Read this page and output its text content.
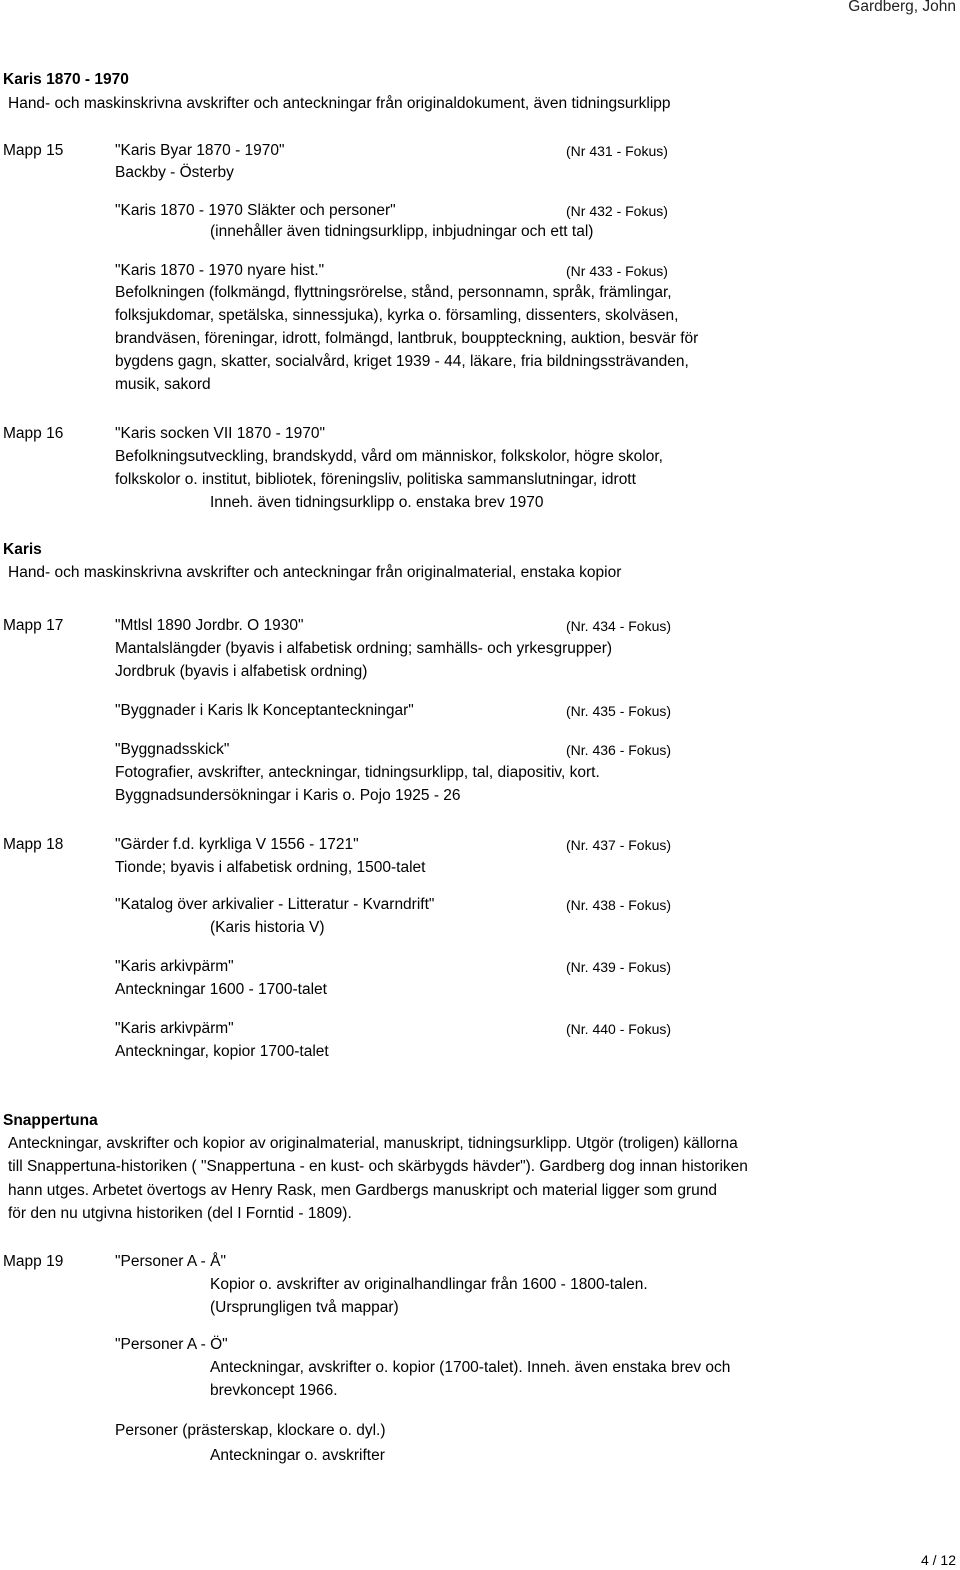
Gardberg, John
Karis 1870 - 1970
Hand- och maskinskrivna avskrifter och anteckningar från originaldokument, även tidningsurklipp
Mapp 15	"Karis Byar 1870 - 1970"	(Nr 431 - Fokus)
Backby - Österby
"Karis 1870 - 1970 Släkter och personer"	(Nr 432 - Fokus)
(innehåller även tidningsurklipp, inbjudningar och ett tal)
"Karis 1870 - 1970 nyare hist."	(Nr 433 - Fokus)
Befolkningen (folkmängd, flyttningsrörelse, stånd, personnamn, språk, främlingar,
folksjukdomar, spetälska, sinnessjuka), kyrka o. församling, dissenters, skolväsen,
brandväsen, föreningar, idrott, folmängd, lantbruk, bouppteckning, auktion, besvär för
bygdens gagn, skatter, socialvård, kriget 1939 - 44, läkare, fria bildningssträvanden,
musik, sakord
Mapp 16	"Karis socken VII 1870 - 1970"
Befolkningsutveckling, brandskydd, vård om människor, folkskolor, högre skolor,
folkskolor o. institut, bibliotek, föreningsliv, politiska sammanslutningar, idrott
Inneh. även tidningsurklipp o. enstaka brev 1970
Karis
Hand- och maskinskrivna avskrifter och anteckningar från originalmaterial, enstaka kopior
Mapp 17	"Mtlsl 1890 Jordbr. O 1930"	(Nr. 434 - Fokus)
Mantalslängder (byavis i alfabetisk ordning; samhälls- och yrkesgrupper)
Jordbruk (byavis i alfabetisk ordning)
"Byggnader i Karis lk Konceptanteckningar"	(Nr. 435 - Fokus)
"Byggnadsskick"	(Nr. 436 - Fokus)
Fotografier, avskrifter, anteckningar, tidningsurklipp, tal, diapositiv, kort.
Byggnadsundersökningar i Karis o. Pojo 1925 - 26
Mapp 18	"Gärder f.d. kyrkliga V 1556 - 1721"	(Nr. 437 - Fokus)
Tionde; byavis i alfabetisk ordning, 1500-talet
"Katalog över arkivalier - Litteratur - Kvarndrift"	(Nr. 438 - Fokus)
(Karis historia V)
"Karis arkivpärm"	(Nr. 439 - Fokus)
Anteckningar 1600 - 1700-talet
"Karis arkivpärm"	(Nr. 440 - Fokus)
Anteckningar, kopior 1700-talet
Snappertuna
Anteckningar, avskrifter och kopior av originalmaterial, manuskript, tidningsurklipp. Utgör (troligen) källorna
till Snappertuna-historiken ( "Snappertuna - en kust- och skärbygds hävder"). Gardberg dog innan historiken
hann utges. Arbetet övertogs av Henry Rask, men Gardbergs manuskript och material ligger som grund
för den nu utgivna historiken (del I Forntid - 1809).
Mapp 19	"Personer A - Å"
Kopior o. avskrifter av originalhandlingar från 1600 - 1800-talen.
(Ursprungligen två mappar)
"Personer A - Ö"
Anteckningar, avskrifter o. kopior (1700-talet). Inneh. även enstaka brev och
brevkoncept 1966.
Personer (prästerskap, klockare o. dyl.)
Anteckningar o. avskrifter
4 / 12
